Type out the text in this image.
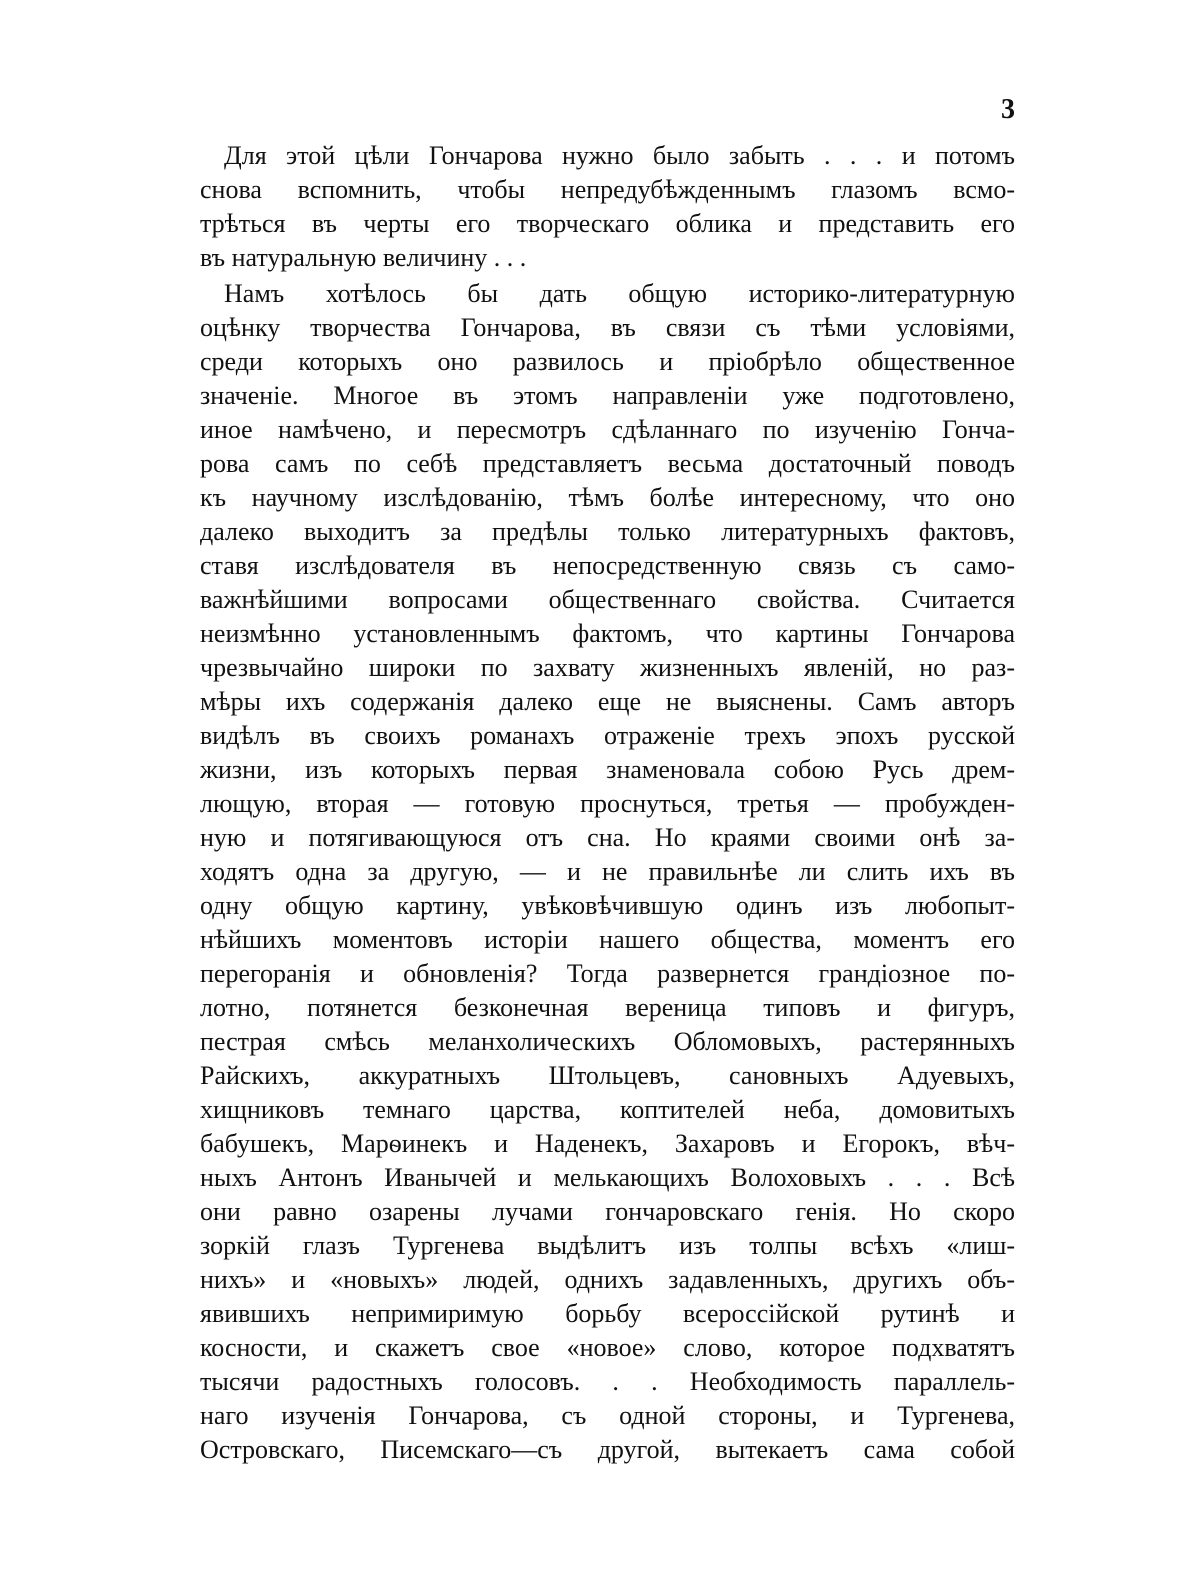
3
Для этой цѣли Гончарова нужно было забыть . . . и потомъ
снова вспомнить, чтобы непредубѣжденнымъ глазомъ всмо-
трѣться въ черты его творческаго облика и представить его
въ натуральную величину . . .
Намъ хотѣлось бы дать общую историко-литературную
оцѣнку творчества Гончарова, въ связи съ тѣми условіями,
среди которыхъ оно развилось и пріобрѣло общественное
значеніе. Многое въ этомъ направленіи уже подготовлено,
иное намѣчено, и пересмотръ сдѣланнаго по изученію Гонча-
рова самъ по себѣ представляетъ весьма достаточный поводъ
къ научному изслѣдованію, тѣмъ болѣе интересному, что оно
далеко выходитъ за предѣлы только литературныхъ фактовъ,
ставя изслѣдователя въ непосредственную связь съ само-
важнѣйшими вопросами общественнаго свойства. Считается
неизмѣнно установленнымъ фактомъ, что картины Гончарова
чрезвычайно широки по захвату жизненныхъ явленій, но раз-
мѣры ихъ содержанія далеко еще не выяснены. Самъ авторъ
видѣлъ въ своихъ романахъ отраженіе трехъ эпохъ русской
жизни, изъ которыхъ первая знаменовала собою Русь дрем-
лющую, вторая — готовую проснуться, третья — пробужден-
ную и потягивающуюся отъ сна. Но краями своими онѣ за-
ходятъ одна за другую, — и не правильнѣе ли слить ихъ въ
одну общую картину, увѣковѣчившую одинъ изъ любопыт-
нѣйшихъ моментовъ исторіи нашего общества, моментъ его
перегоранія и обновленія? Тогда развернется грандіозное по-
лотно, потянется безконечная вереница типовъ и фигуръ,
пестрая смѣсь меланхолическихъ Обломовыхъ, растерянныхъ
Райскихъ, аккуратныхъ Штольцевъ, сановныхъ Адуевыхъ,
хищниковъ темнаго царства, коптителей неба, домовитыхъ
бабушекъ, Марѳинекъ и Наденекъ, Захаровъ и Егорокъ, вѣч-
ныхъ Антонъ Иванычей и мелькающихъ Волоховыхъ . . . Всѣ
они равно озарены лучами гончаровскаго генія. Но скоро
зоркій глазъ Тургенева выдѣлитъ изъ толпы всѣхъ «лиш-
нихъ» и «новыхъ» людей, однихъ задавленныхъ, другихъ объ-
явившихъ непримиримую борьбу всероссійской рутинѣ и
косности, и скажетъ свое «новое» слово, которое подхватятъ
тысячи радостныхъ голосовъ. . . Необходимость параллель-
наго изученія Гончарова, съ одной стороны, и Тургенева,
Островскаго, Писемскаго—съ другой, вытекаетъ сама собой
